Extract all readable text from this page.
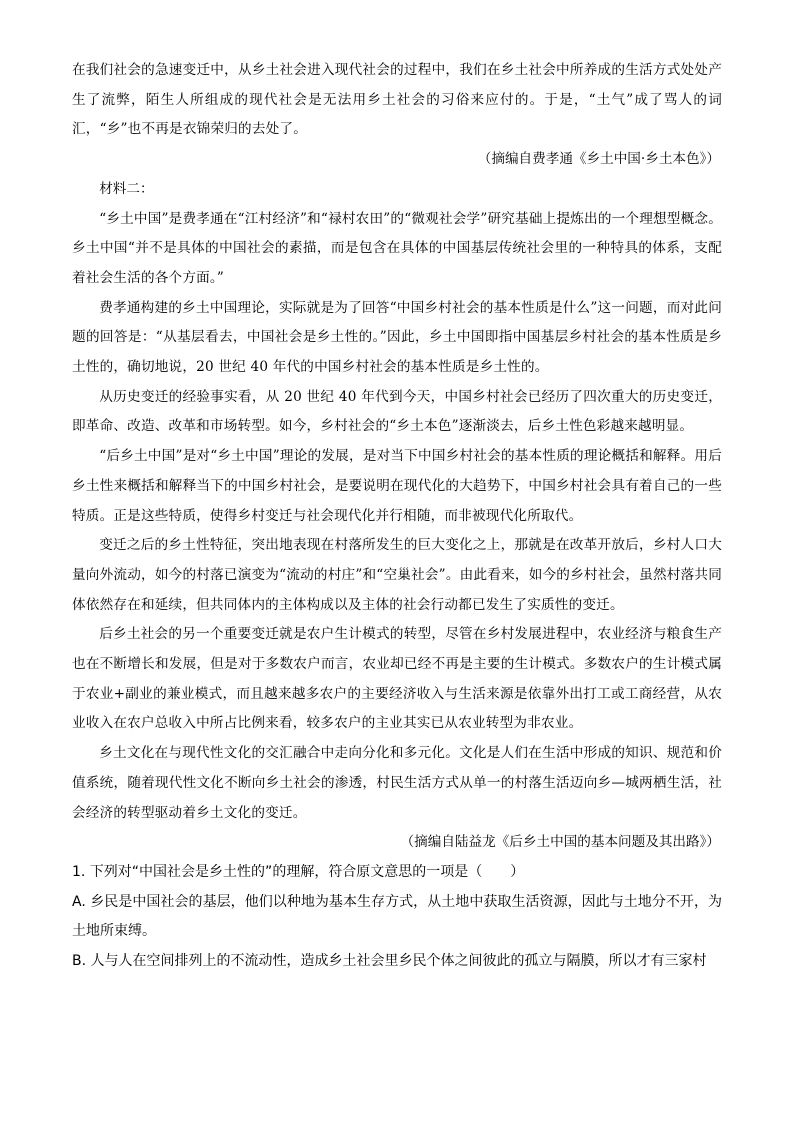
在我们社会的急速变迁中，从乡土社会进入现代社会的过程中，我们在乡土社会中所养成的生活方式处处产生了流弊，陌生人所组成的现代社会是无法用乡土社会的习俗来应付的。于是，“土气”成了骂人的词汇，“乡”也不再是衣锦荣归的去处了。

（摘编自费孝通《乡土中国·乡土本色》）

材料二：

“乡土中国”是费孝通在“江村经济”和“禄村农田”的“微观社会学”研究基础上提炼出的一个理想型概念。乡土中国“并不是具体的中国社会的素描，而是包含在具体的中国基层传统社会里的一种特具的体系，支配着社会生活的各个方面。”

费孝通构建的乡土中国理论，实际就是为了回答“中国乡村社会的基本性质是什么”这一问题，而对此问题的回答是：“从基层看去，中国社会是乡土性的。”因此，乡土中国即指中国基层乡村社会的基本性质是乡土性的，确切地说，20 世纪 40 年代的中国乡村社会的基本性质是乡土性的。

从历史变迁的经验事实看，从 20 世纪 40 年代到今天，中国乡村社会已经历了四次重大的历史变迁，即革命、改造、改革和市场转型。如今，乡村社会的“乡土本色”逐渐淡去，后乡土性色彩越来越明显。

“后乡土中国”是对“乡土中国”理论的发展，是对当下中国乡村社会的基本性质的理论概括和解释。用后乡土性来概括和解释当下的中国乡村社会，是要说明在现代化的大趋势下，中国乡村社会具有着自己的一些特质。正是这些特质，使得乡村变迁与社会现代化并行相随，而非被现代化所取代。

变迁之后的乡土性特征，突出地表现在村落所发生的巨大变化之上，那就是在改革开放后，乡村人口大量向外流动，如今的村落已演变为“流动的村庄”和“空巢社会”。由此看来，如今的乡村社会，虽然村落共同体依然存在和延续，但共同体内的主体构成以及主体的社会行动都已发生了实质性的变迁。

后乡土社会的另一个重要变迁就是农户生计模式的转型，尽管在乡村发展进程中，农业经济与粮食生产也在不断增长和发展，但是对于多数农户而言，农业却已经不再是主要的生计模式。多数农户的生计模式属于农业+副业的兼业模式，而且越来越多农户的主要经济收入与生活来源是依靠外出打工或工商经营，从农业收入在农户总收入中所占比例来看，较多农户的主业其实已从农业转型为非农业。

乡土文化在与现代性文化的交汇融合中走向分化和多元化。文化是人们在生活中形成的知识、规范和价值系统，随着现代性文化不断向乡土社会的渗透，村民生活方式从单一的村落生活迈向乡—城两栖生活，社会经济的转型驱动着乡土文化的变迁。

（摘编自陆益龙《后乡土中国的基本问题及其出路》）

1. 下列对“中国社会是乡土性的”的理解，符合原文意思的一项是（　　）

A. 乡民是中国社会的基层，他们以种地为基本生存方式，从土地中获取生活资源，因此与土地分不开，为土地所束缚。

B. 人与人在空间排列上的不流动性，造成乡土社会里乡民个体之间彼此的孤立与隔膜，所以才有三家村
